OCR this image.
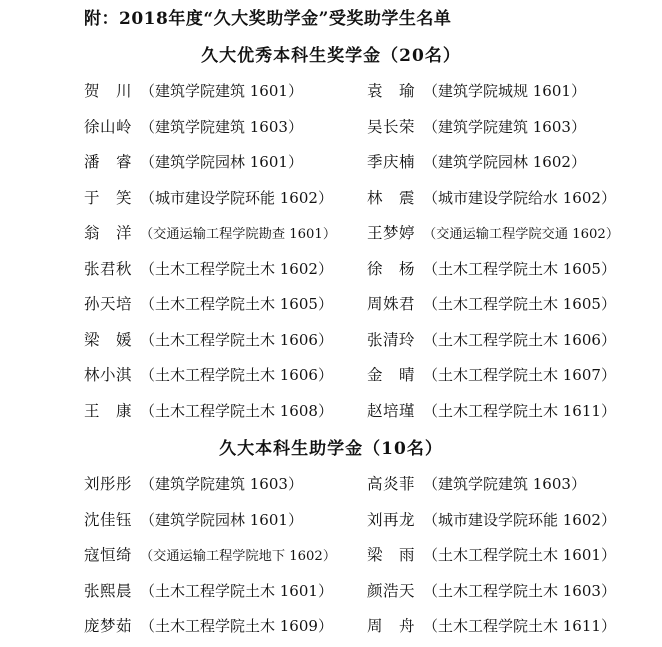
附：2018年度“久大奖助学金”受奖助学生名单
久大优秀本科生奖学金（20名）
贺　川 （建筑学院建筑 1601）	袁　瑜 （建筑学院城规 1601）
徐山岭 （建筑学院建筑 1603）	吴长荣 （建筑学院建筑 1603）
潘　睿 （建筑学院园林 1601）	季庆楠 （建筑学院园林 1602）
于　笑 （城市建设学院环能 1602） 林　震 （城市建设学院给水 1602）
翁　洋 （交通运输工程学院勘查 1601） 王梦婷 （交通运输工程学院交通 1602）
张君秋 （土木工程学院土木 1602） 徐　杨 （土木工程学院土木 1605）
孙天培 （土木工程学院土木 1605） 周姝君 （土木工程学院土木 1605）
梁　媛 （土木工程学院土木 1606） 张清玲 （土木工程学院土木 1606）
林小淇 （土木工程学院土木 1606） 金　晴 （土木工程学院土木 1607）
王　康 （土木工程学院土木 1608） 赵培瑾 （土木工程学院土木 1611）
久大本科生助学金（10名）
刘彤彤 （建筑学院建筑 1603）	高炎菲 （建筑学院建筑 1603）
沈佳钰 （建筑学院园林 1601）	刘再龙 （城市建设学院环能 1602）
寇恒绮 （交通运输工程学院地下 1602） 梁　雨 （土木工程学院土木 1601）
张熙晨 （土木工程学院土木 1601） 颜浩天 （土木工程学院土木 1603）
庞梦茹 （土木工程学院土木 1609） 周　舟 （土木工程学院土木 1611）
